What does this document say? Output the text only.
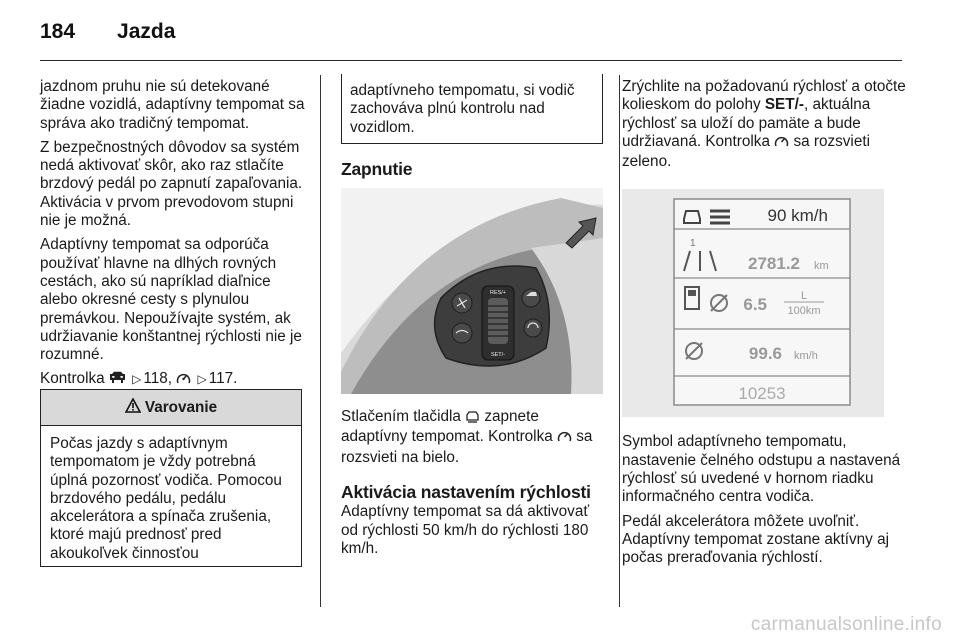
184 Jazda

jazdnom pruhu nie sú detekované žiadne vozidlá, adaptívny tempomat sa správa ako tradičný tempomat.

Z bezpečnostných dôvodov sa systém nedá aktivovať skôr, ako raz stlačíte brzdový pedál po zapnutí zapaľovania. Aktivácia v prvom prevodovom stupni nie je možná.

Adaptívny tempomat sa odporúča používať hlavne na dlhých rovných cestách, ako sú napríklad diaľnice alebo okresné cesty s plynulou premávkou. Nepoužívajte systém, ak udržiavanie konštantnej rýchlosti nie je rozumné.

Kontrolka ▷ 118, ▷ 117.

Varovanie
Počas jazdy s adaptívnym tempomatom je vždy potrebná úplná pozornosť vodiča. Pomocou brzdového pedálu, pedálu akcelerátora a spínača zrušenia, ktoré majú prednosť pred akoukoľvek činnosťou
adaptívneho tempomatu, si vodič zachováva plnú kontrolu nad vozidlom.
Zapnutie
RES/+
SET/-

Stlačením tlačidla zapnete adaptívny tempomat. Kontrolka sa rozsvieti na bielo.

Aktivácia nastavením rýchlosti

Adaptívny tempomat sa dá aktivovať od rýchlosti 50 km/h do rýchlosti 180 km/h.

Zrýchlite na požadovanú rýchlosť a otočte kolieskom do polohy SET/-, aktuálna rýchlosť sa uloží do pamäte a bude udržiavaná. Kontrolka sa rozsvieti zeleno.

90 km/h
1
2781.2 km
6.5	L
100km
99.6 km/h
10253

Symbol adaptívneho tempomatu, nastavenie čelného odstupu a nastavená rýchlosť sú uvedené v hornom riadku informačného centra vodiča.

Pedál akcelerátora môžete uvoľniť. Adaptívny tempomat zostane aktívny aj počas preraďovania rýchlostí.

carmanualsonline.info
